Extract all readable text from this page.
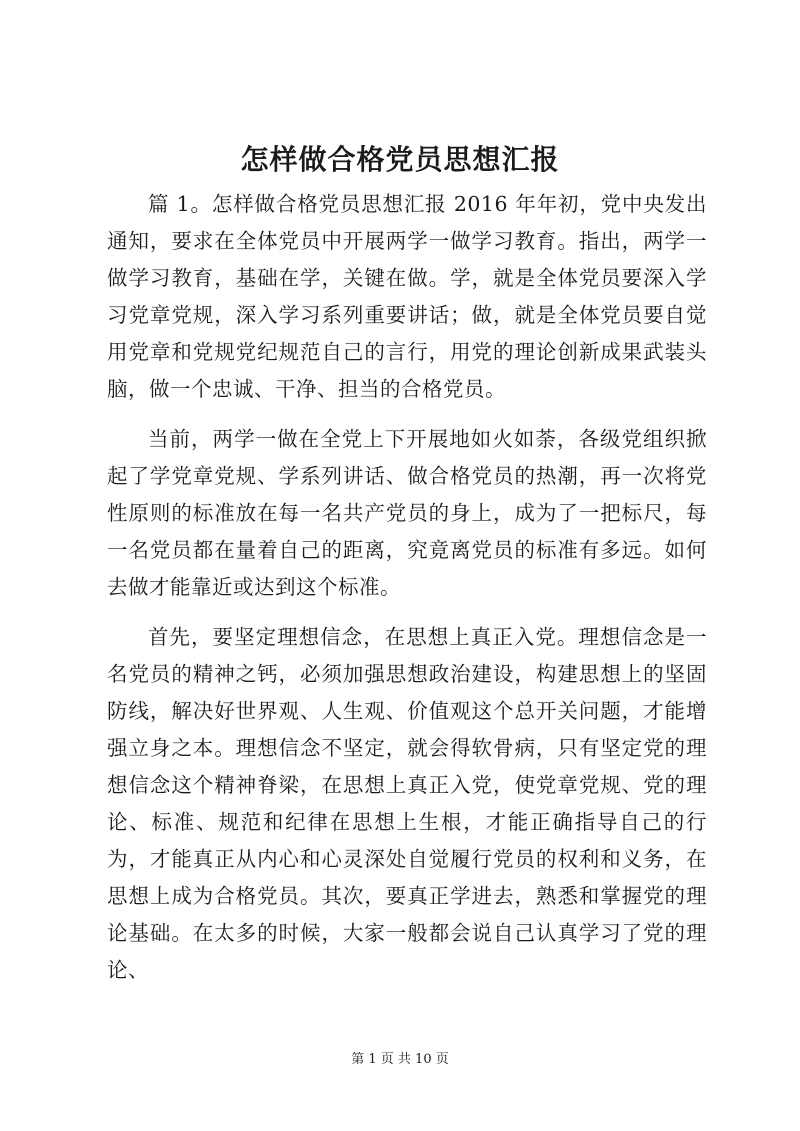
怎样做合格党员思想汇报

篇 1。怎样做合格党员思想汇报 2016 年年初，党中央发出通知，要求在全体党员中开展两学一做学习教育。指出，两学一做学习教育，基础在学，关键在做。学，就是全体党员要深入学习党章党规，深入学习系列重要讲话；做，就是全体党员要自觉用党章和党规党纪规范自己的言行，用党的理论创新成果武装头脑，做一个忠诚、干净、担当的合格党员。

当前，两学一做在全党上下开展地如火如荼，各级党组织掀起了学党章党规、学系列讲话、做合格党员的热潮，再一次将党性原则的标准放在每一名共产党员的身上，成为了一把标尺，每一名党员都在量着自己的距离，究竟离党员的标准有多远。如何去做才能靠近或达到这个标准。

首先，要坚定理想信念，在思想上真正入党。理想信念是一名党员的精神之钙，必须加强思想政治建设，构建思想上的坚固防线，解决好世界观、人生观、价值观这个总开关问题，才能增强立身之本。理想信念不坚定，就会得软骨病，只有坚定党的理想信念这个精神脊梁，在思想上真正入党，使党章党规、党的理论、标准、规范和纪律在思想上生根，才能正确指导自己的行为，才能真正从内心和心灵深处自觉履行党员的权利和义务，在思想上成为合格党员。其次，要真正学进去，熟悉和掌握党的理论基础。在太多的时候，大家一般都会说自己认真学习了党的理论、

第 1 页 共 10 页
